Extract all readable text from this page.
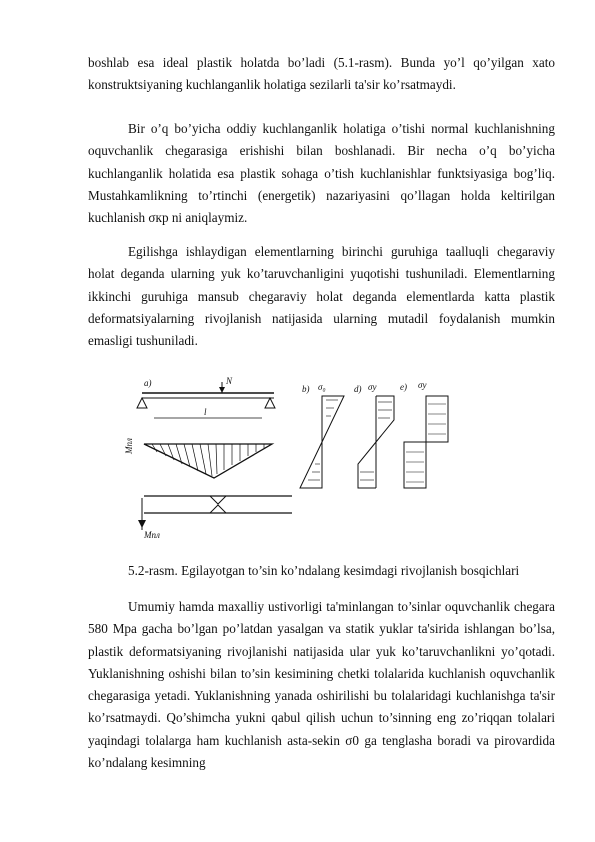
boshlab esa ideal plastik holatda bo’ladi (5.1-rasm). Bunda yo’l qo’yilgan xato konstruktsiyaning kuchlanganlik holatiga sezilarli ta'sir ko’rsatmaydi.

Bir o’q bo’yicha oddiy kuchlanganlik holatiga o’tishi normal kuchlanishning oquvchanlik chegarasiga erishishi bilan boshlanadi. Bir necha o’q bo’yicha kuchlanganlik holatida esa plastik sohaga o’tish kuchlanishlar funktsiyasiga bog’liq. Mustahkamlikning to’rtinchi (energetik) nazariyasini qo’llagan holda keltirilgan kuchlanish σкр ni aniqlaymiz.

Egilishga ishlaydigan elementlarning birinchi guruhiga taalluqli chegaraviy holat deganda ularning yuk ko’taruvchanligini yuqotishi tushuniladi. Elementlarning ikkinchi guruhiga mansub chegaraviy holat deganda elementlarda katta plastik deformatsiyalarning rivojlanish natijasida ularning mutadil foydalanish mumkin emasligi tushuniladi.

a)	N
l
Mпл
Mпл
b) σ₀	d) σу	e) σу
5.2-rasm. Egilayotgan to’sin ko’ndalang kesimdagi rivojlanish bosqichlari

Umumiy hamda maxalliy ustivorligi ta'minlangan to’sinlar oquvchanlik chegara 580 Mpa gacha bo’lgan po’latdan yasalgan va statik yuklar ta'sirida ishlangan bo’lsa, plastik deformatsiyaning rivojlanishi natijasida ular yuk ko’taruvchanlikni yo’qotadi. Yuklanishning oshishi bilan to’sin kesimining chetki tolalarida kuchlanish oquvchanlik chegarasiga yetadi. Yuklanishning yanada oshirilishi bu tolalaridagi kuchlanishga ta'sir ko’rsatmaydi. Qo’shimcha yukni qabul qilish uchun to’sinning eng zo’riqqan tolalari yaqindagi tolalarga ham kuchlanish asta-sekin σ0 ga tenglasha boradi va pirovardida ko’ndalang kesimning
